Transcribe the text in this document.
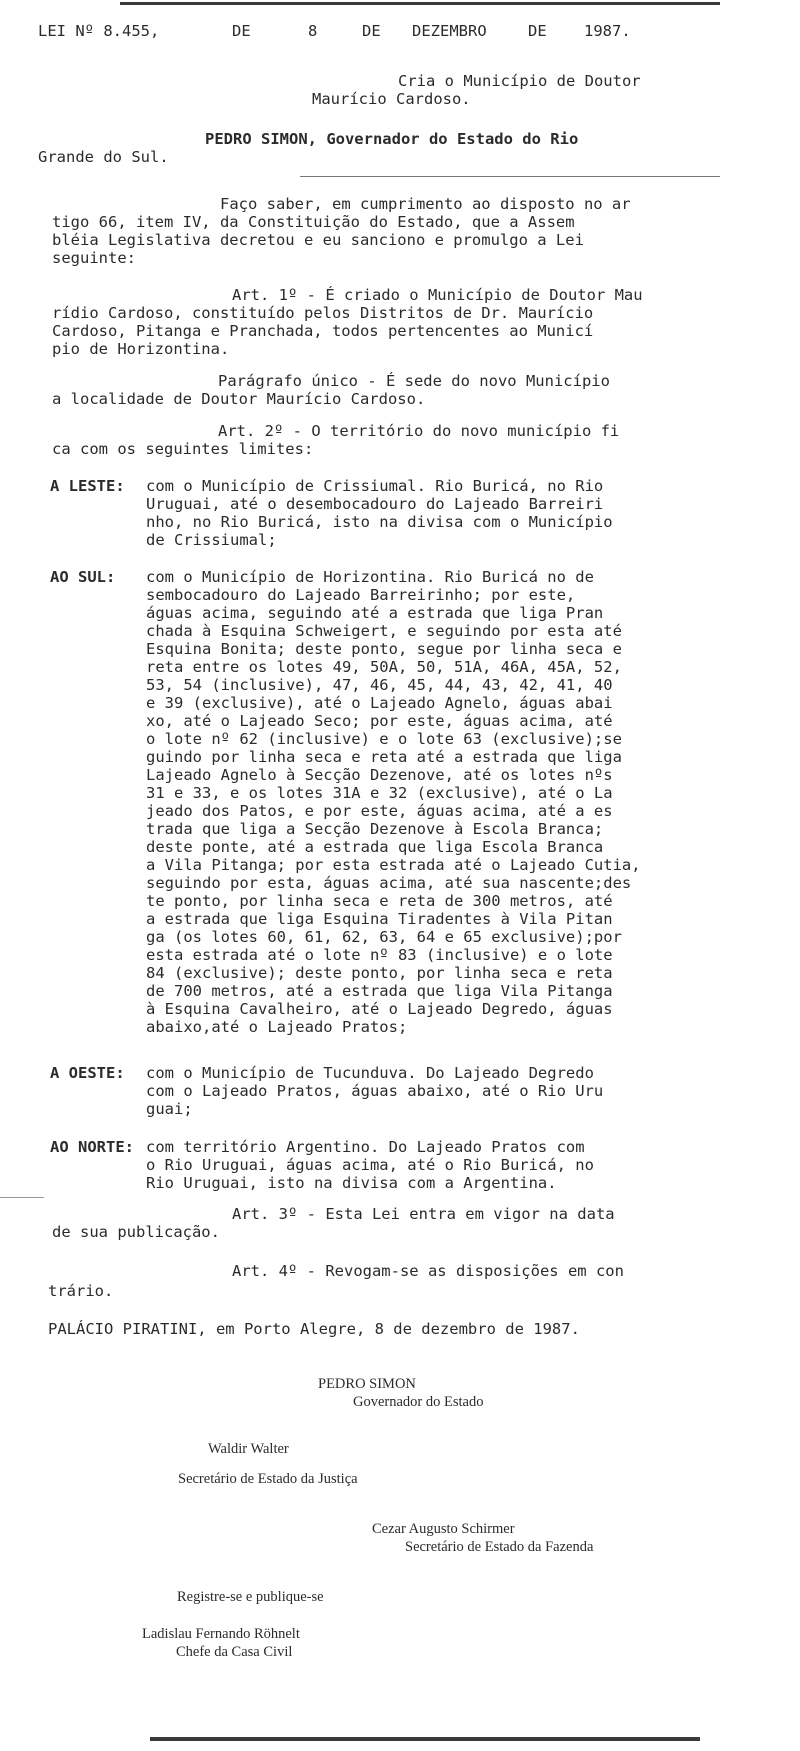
LEI Nº 8.455,	DE	8	DE DEZEMBRO	DE 1987.
Cria o Município de Doutor
Maurício Cardoso.
PEDRO SIMON, Governador do Estado do Rio
Grande do Sul.
Faço saber, em cumprimento ao disposto no ar
tigo 66, item IV, da Constituição do Estado, que a Assem
bléia Legislativa decretou e eu sanciono e promulgo a Lei
seguinte:
Art. 1º - É criado o Município de Doutor Mau
rídio Cardoso, constituído pelos Distritos de Dr. Maurício
Cardoso, Pitanga e Pranchada, todos pertencentes ao Municí
pio de Horizontina.
Parágrafo único - É sede do novo Município
a localidade de Doutor Maurício Cardoso.
Art. 2º - O território do novo município fi
ca com os seguintes limites:
A LESTE: com o Município de Crissiumal. Rio Buricá, no Rio
Uruguai, até o desembocadouro do Lajeado Barreiri
nho, no Rio Buricá, isto na divisa com o Município
de Crissiumal;
AO SUL: com o Município de Horizontina. Rio Buricá no de
sembocadouro do Lajeado Barreirinho; por este,
águas acima, seguindo até a estrada que liga Pran
chada à Esquina Schweigert, e seguindo por esta até
Esquina Bonita; deste ponto, segue por linha seca e
reta entre os lotes 49, 50A, 50, 51A, 46A, 45A, 52,
53, 54 (inclusive), 47, 46, 45, 44, 43, 42, 41, 40
e 39 (exclusive), até o Lajeado Agnelo, águas abai
xo, até o Lajeado Seco; por este, águas acima, até
o lote nº 62 (inclusive) e o lote 63 (exclusive);se
guindo por linha seca e reta até a estrada que liga
Lajeado Agnelo à Secção Dezenove, até os lotes nºs
31 e 33, e os lotes 31A e 32 (exclusive), até o La
jeado dos Patos, e por este, águas acima, até a es
trada que liga a Secção Dezenove à Escola Branca;
deste ponte, até a estrada que liga Escola Branca
a Vila Pitanga; por esta estrada até o Lajeado Cutia,
seguindo por esta, águas acima, até sua nascente;des
te ponto, por linha seca e reta de 300 metros, até
a estrada que liga Esquina Tiradentes à Vila Pitan
ga (os lotes 60, 61, 62, 63, 64 e 65 exclusive);por
esta estrada até o lote nº 83 (inclusive) e o lote
84 (exclusive); deste ponto, por linha seca e reta
de 700 metros, até a estrada que liga Vila Pitanga
à Esquina Cavalheiro, até o Lajeado Degredo, águas
abaixo,até o Lajeado Pratos;
A OESTE: com o Município de Tucunduva. Do Lajeado Degredo
com o Lajeado Pratos, águas abaixo, até o Rio Uru
guai;
AO NORTE: com território Argentino. Do Lajeado Pratos com
o Rio Uruguai, águas acima, até o Rio Buricá, no
Rio Uruguai, isto na divisa com a Argentina.
Art. 3º - Esta Lei entra em vigor na data
de sua publicação.
Art. 4º - Revogam-se as disposições em con
trário.
PALÁCIO PIRATINI, em Porto Alegre, 8 de dezembro de 1987.
PEDRO SIMON
Governador do Estado
Waldir Walter
Secretário de Estado da Justiça
Cezar Augusto Schirmer
Secretário de Estado da Fazenda
Registre-se e publique-se
Ladislau Fernando Röhnelt
Chefe da Casa Civil
